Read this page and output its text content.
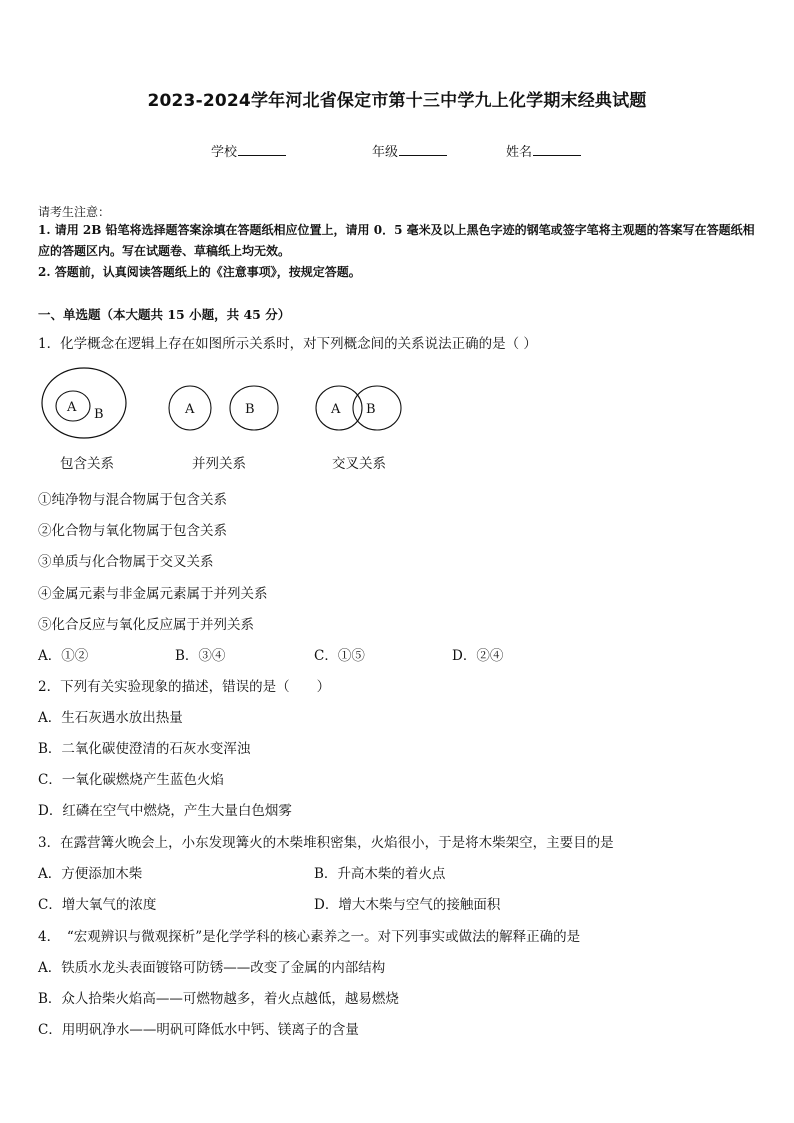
2023-2024学年河北省保定市第十三中学九上化学期末经典试题
学校	年级	姓名
请考生注意：
1. 请用 2B 铅笔将选择题答案涂填在答题纸相应位置上，请用 0．5 毫米及以上黑色字迹的钢笔或签字笔将主观题的答案写在答题纸相应的答题区内。写在试题卷、草稿纸上均无效。
2. 答题前，认真阅读答题纸上的《注意事项》，按规定答题。
一、单选题（本大题共 15 小题，共 45 分）
1．化学概念在逻辑上存在如图所示关系时，对下列概念间的关系说法正确的是（ ）
A B	A	B	A B
包含关系	并列关系	交叉关系
①纯净物与混合物属于包含关系
②化合物与氧化物属于包含关系
③单质与化合物属于交叉关系
④金属元素与非金属元素属于并列关系
⑤化合反应与氧化反应属于并列关系
A．①②	B．③④	C．①⑤	D．②④
2．下列有关实验现象的描述，错误的是（　　）
A．生石灰遇水放出热量
B．二氧化碳使澄清的石灰水变浑浊
C．一氧化碳燃烧产生蓝色火焰
D．红磷在空气中燃烧，产生大量白色烟雾
3．在露营篝火晚会上，小东发现篝火的木柴堆积密集，火焰很小，于是将木柴架空，主要目的是
A．方便添加木柴	B．升高木柴的着火点
C．增大氧气的浓度	D．增大木柴与空气的接触面积
4．　“宏观辨识与微观探析”是化学学科的核心素养之一。对下列事实或做法的解释正确的是
A．铁质水龙头表面镀铬可防锈——改变了金属的内部结构
B．众人拾柴火焰高——可燃物越多，着火点越低，越易燃烧
C．用明矾净水——明矾可降低水中钙、镁离子的含量
